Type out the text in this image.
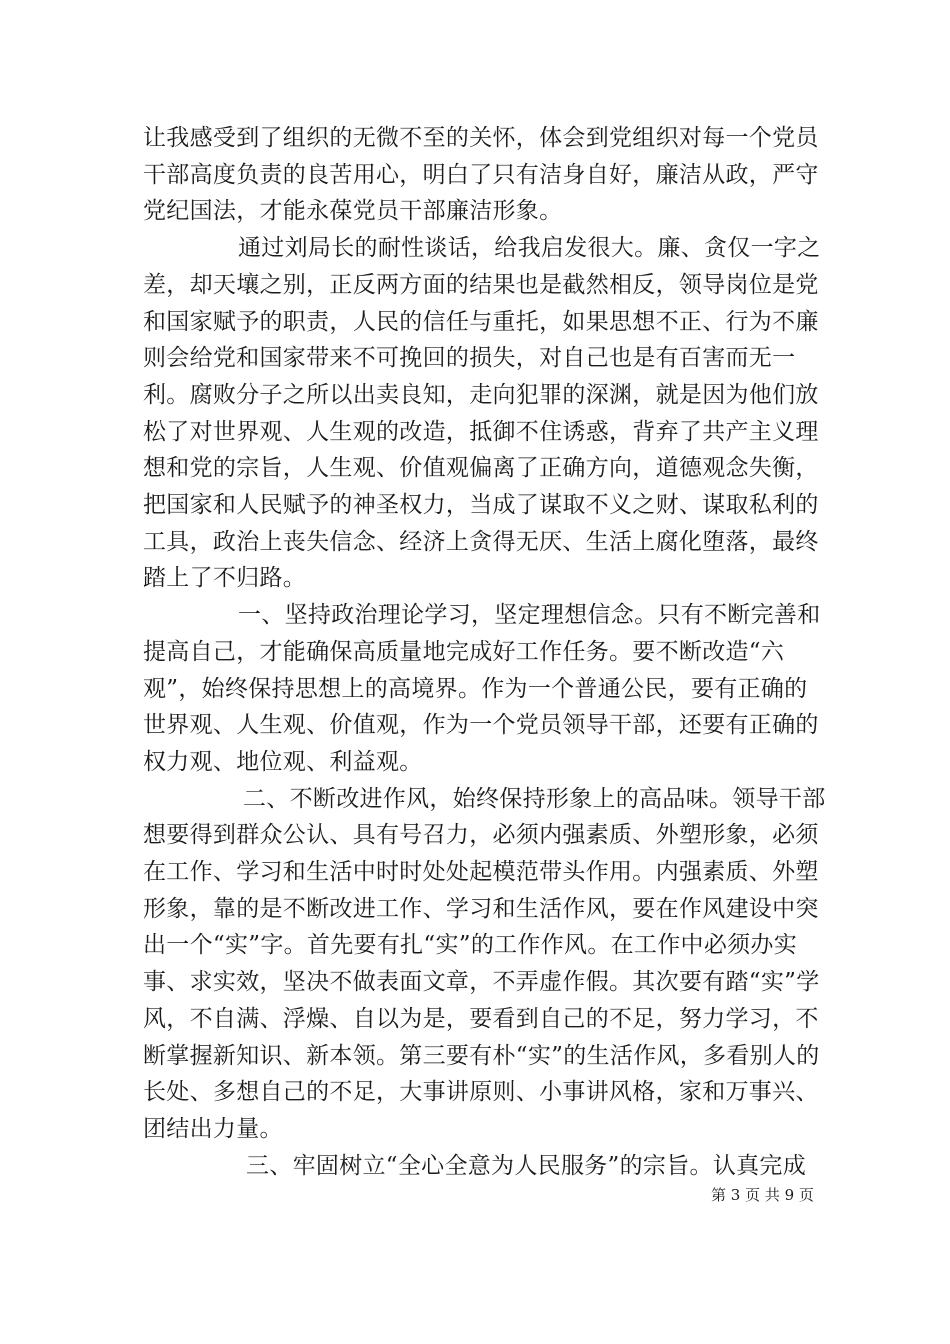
让我感受到了组织的无微不至的关怀，体会到党组织对每一个党员干部高度负责的良苦用心，明白了只有洁身自好，廉洁从政，严守党纪国法，才能永葆党员干部廉洁形象。

通过刘局长的耐性谈话，给我启发很大。廉、贪仅一字之差，却天壤之别，正反两方面的结果也是截然相反，领导岗位是党和国家赋予的职责，人民的信任与重托，如果思想不正、行为不廉则会给党和国家带来不可挽回的损失，对自己也是有百害而无一利。腐败分子之所以出卖良知，走向犯罪的深渊，就是因为他们放松了对世界观、人生观的改造，抵御不住诱惑，背弃了共产主义理想和党的宗旨，人生观、价值观偏离了正确方向，道德观念失衡，把国家和人民赋予的神圣权力，当成了谋取不义之财、谋取私利的工具，政治上丧失信念、经济上贪得无厌、生活上腐化堕落，最终踏上了不归路。

一、坚持政治理论学习，坚定理想信念。只有不断完善和提高自己，才能确保高质量地完成好工作任务。要不断改造“六观”，始终保持思想上的高境界。作为一个普通公民，要有正确的世界观、人生观、价值观，作为一个党员领导干部，还要有正确的权力观、地位观、利益观。

二、不断改进作风，始终保持形象上的高品味。领导干部想要得到群众公认、具有号召力，必须内强素质、外塑形象，必须在工作、学习和生活中时时处处起模范带头作用。内强素质、外塑形象，靠的是不断改进工作、学习和生活作风，要在作风建设中突出一个“实”字。首先要有扎“实”的工作作风。在工作中必须办实事、求实效，坚决不做表面文章，不弄虚作假。其次要有踏“实”学风，不自满、浮燥、自以为是，要看到自己的不足，努力学习，不断掌握新知识、新本领。第三要有朴“实”的生活作风，多看别人的长处、多想自己的不足，大事讲原则、小事讲风格，家和万事兴、团结出力量。

三、牢固树立“全心全意为人民服务”的宗旨。认真完成

第 3 页 共 9 页
